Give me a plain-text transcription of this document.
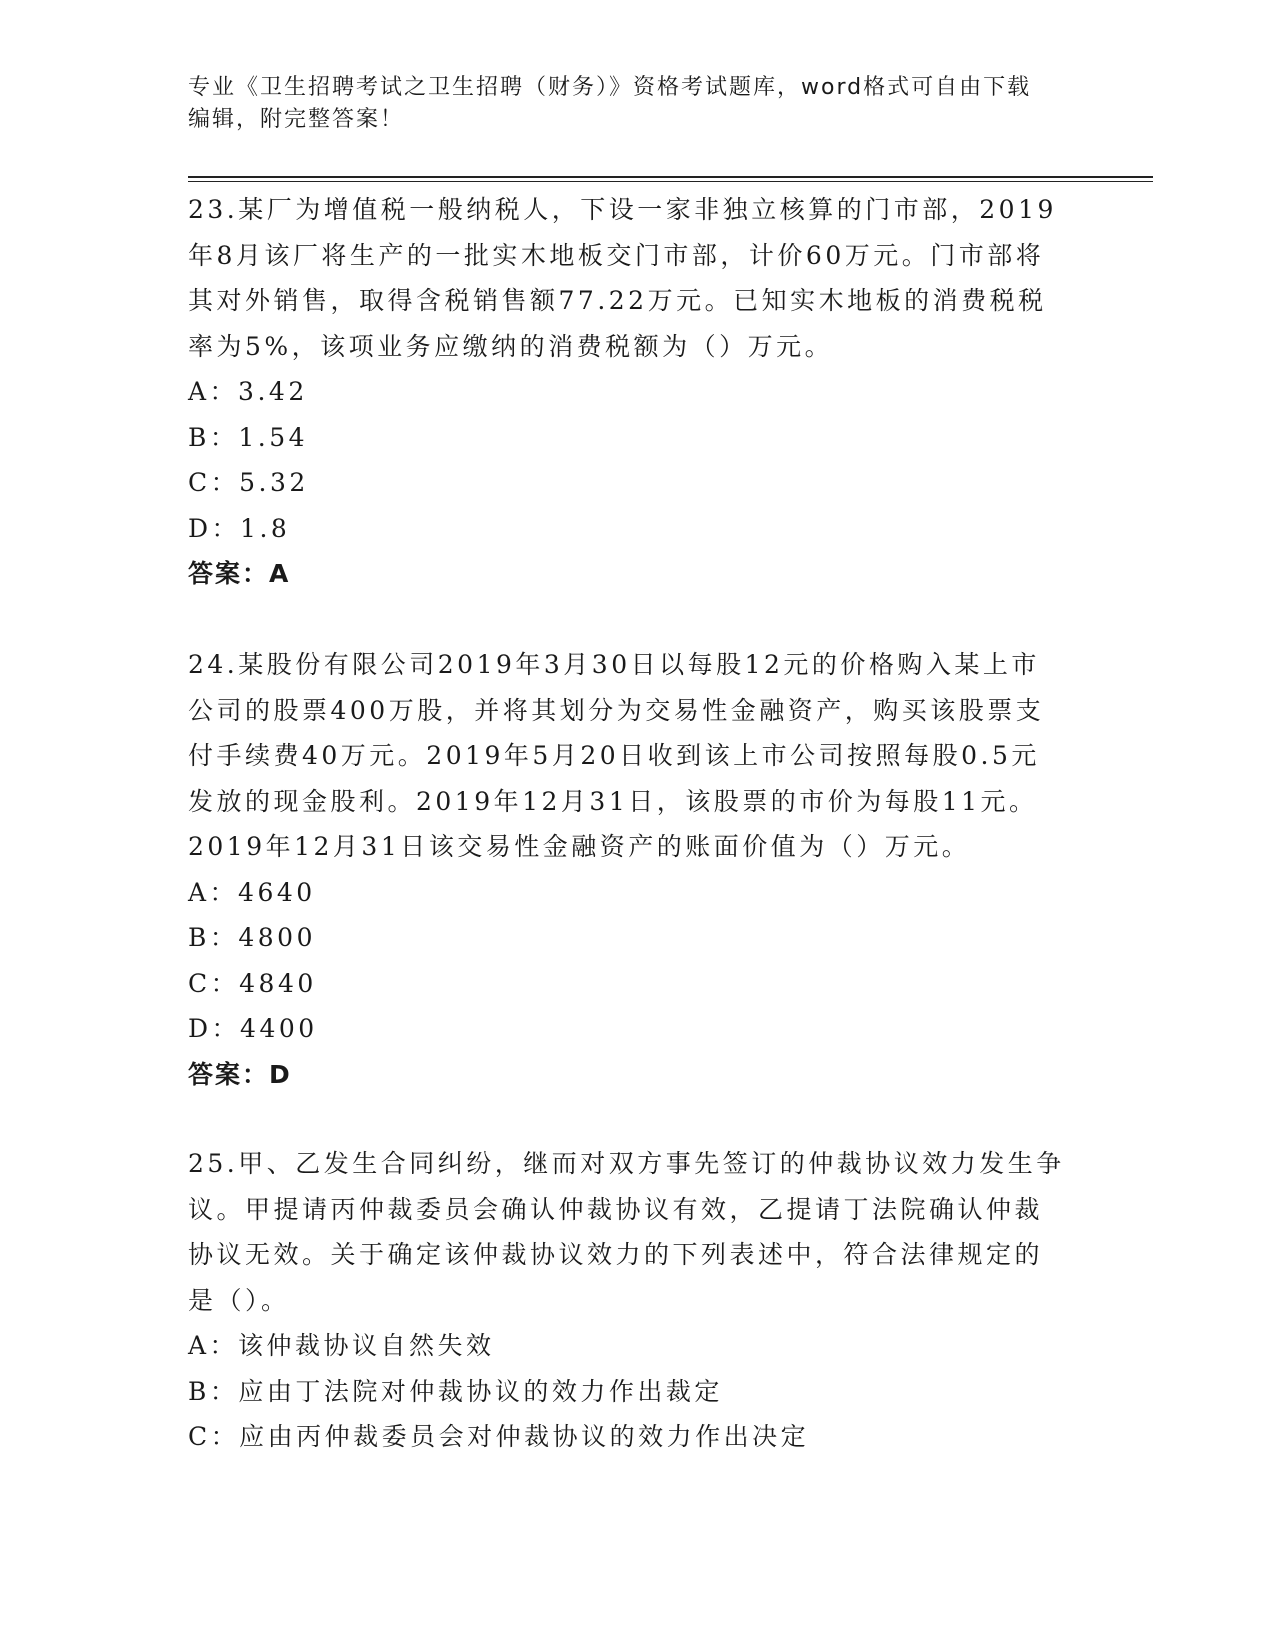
专业《卫生招聘考试之卫生招聘（财务）》资格考试题库，word格式可自由下载
编辑，附完整答案！

23.某厂为增值税一般纳税人，下设一家非独立核算的门市部，2019年8月该厂将生产的一批实木地板交门市部，计价60万元。门市部将其对外销售，取得含税销售额77.22万元。已知实木地板的消费税税率为5%，该项业务应缴纳的消费税额为（）万元。

A：3.42

B：1.54

C：5.32

D：1.8

答案：A

24.某股份有限公司2019年3月30日以每股12元的价格购入某上市公司的股票400万股，并将其划分为交易性金融资产，购买该股票支付手续费40万元。2019年5月20日收到该上市公司按照每股0.5元发放的现金股利。2019年12月31日，该股票的市价为每股11元。2019年12月31日该交易性金融资产的账面价值为（）万元。

A：4640

B：4800

C：4840

D：4400

答案：D

25.甲、乙发生合同纠纷，继而对双方事先签订的仲裁协议效力发生争议。甲提请丙仲裁委员会确认仲裁协议有效，乙提请丁法院确认仲裁协议无效。关于确定该仲裁协议效力的下列表述中，符合法律规定的是（）。

A：该仲裁协议自然失效

B：应由丁法院对仲裁协议的效力作出裁定

C：应由丙仲裁委员会对仲裁协议的效力作出决定
